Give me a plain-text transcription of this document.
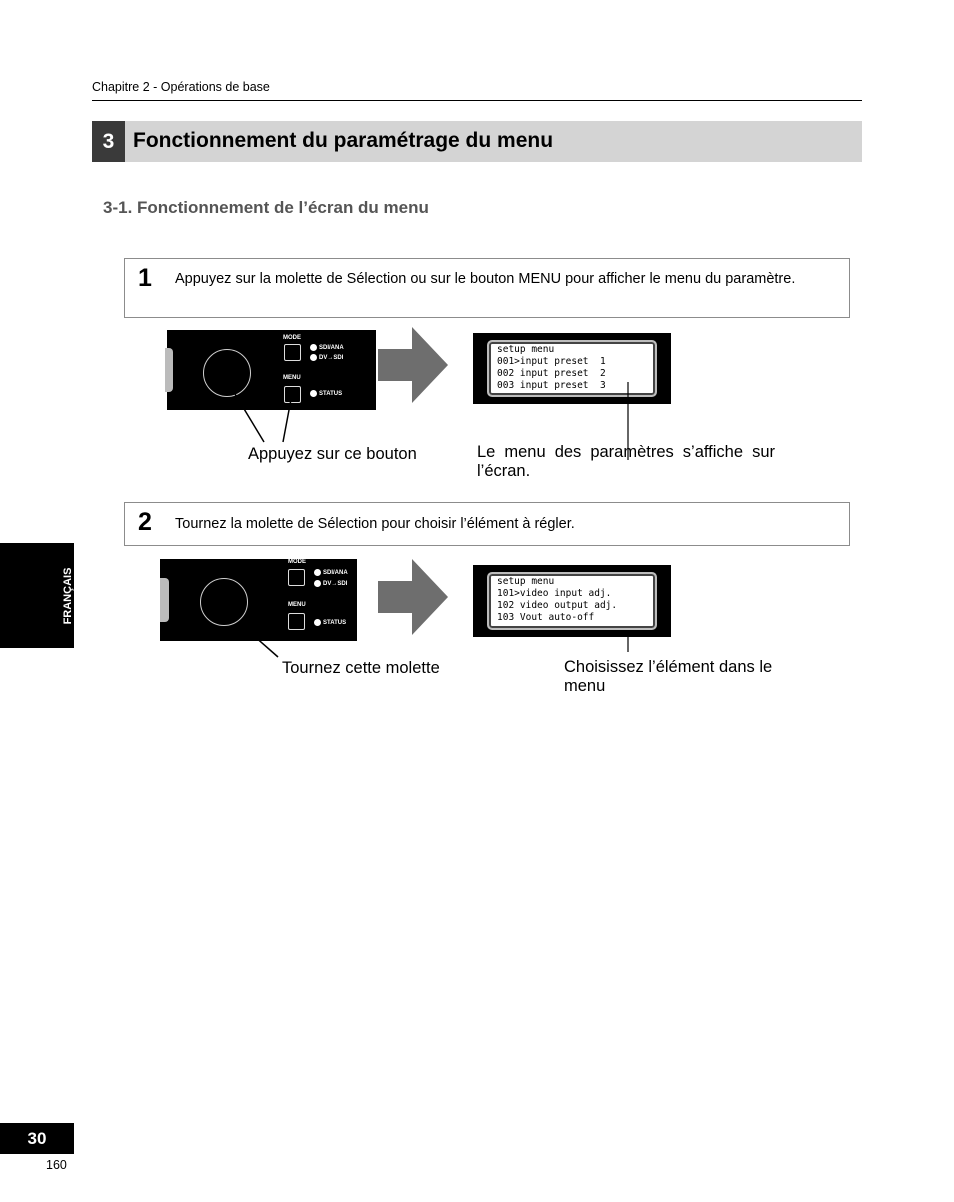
Chapitre 2 - Opérations de base
3 Fonctionnement du paramétrage du menu
3-1. Fonctionnement de l’écran du menu
1 Appuyez sur la molette de Sélection ou sur le bouton MENU pour afficher le menu du paramètre.
MODE
SDI/ANA
DV→SDI
MENU
STATUS
setup menu
001>input preset  1
002 input preset  2
003 input preset  3
Appuyez sur ce bouton	Le menu des paramètres s’affiche sur l’écran.
2 Tournez la molette de Sélection pour choisir l’élément à régler.
MODE
SDI/ANA
DV→SDI
MENU
STATUS
setup menu
101>video input adj.
102 video output adj.
103 Vout auto-off
Tournez cette molette	Choisissez l’élément dans le menu
FRANÇAIS
30
160
